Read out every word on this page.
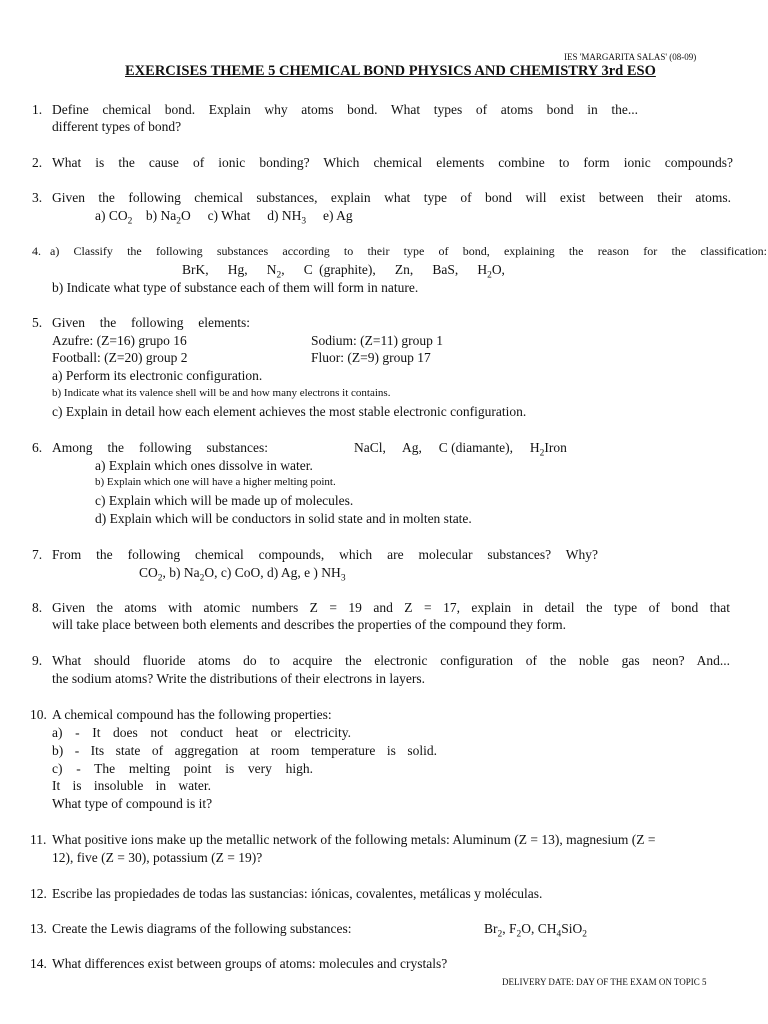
IES 'MARGARITA SALAS' (08-09)
EXERCISES THEME 5 CHEMICAL BOND PHYSICS AND CHEMISTRY 3rd ESO
1. Define chemical bond. Explain why atoms bond. What types of atoms bond in the...
different types of bond?
2. What is the cause of ionic bonding? Which chemical elements combine to form ionic compounds?
3. Given the following chemical substances, explain what type of bond will exist between their atoms.
a) $CO_2$ b) $Na_2O$ c) What d) $NH_3$ e) Ag
4. a) Classify the following substances according to their type of bond, explaining the reason for the classification:
BrK, Hg, $N_2$, C (graphite), Zn, BaS, $H_2O$,
b) Indicate what type of substance each of them will form in nature.
5. Given the following elements:
Azufre: (Z=16) grupo 16	Sodium: (Z=11) group 1
Football: (Z=20) group 2	Fluor: (Z=9) group 17
a) Perform its electronic configuration.
b) Indicate what its valence shell will be and how many electrons it contains.
c) Explain in detail how each element achieves the most stable electronic configuration.
6. Among the following substances:	NaCl, Ag, C (diamante), $H_2Iron$
a) Explain which ones dissolve in water.
b) Explain which one will have a higher melting point.
c) Explain which will be made up of molecules.
d) Explain which will be conductors in solid state and in molten state.
7. From the following chemical compounds, which are molecular substances? Why?
$CO_2$, b) $Na_2O$, c) CoO, d) Ag, e ) $NH_3$
8. Given the atoms with atomic numbers Z = 19 and Z = 17, explain in detail the type of bond that
will take place between both elements and describes the properties of the compound they form.
9. What should fluoride atoms do to acquire the electronic configuration of the noble gas neon? And...
the sodium atoms? Write the distributions of their electrons in layers.
10. A chemical compound has the following properties:
a) - It does not conduct heat or electricity.
b) - Its state of aggregation at room temperature is solid.
c) - The melting point is very high.
It is insoluble in water.
What type of compound is it?
11. What positive ions make up the metallic network of the following metals: Aluminum (Z = 13), magnesium (Z =
12), five (Z = 30), potassium (Z = 19)?
12. Escribe las propiedades de todas las sustancias: iónicas, covalentes, metálicas y moléculas.
13. Create the Lewis diagrams of the following substances:	$Br_2$, $F_2O$, $CH_4SiO_2$
14. What differences exist between groups of atoms: molecules and crystals?
DELIVERY DATE: DAY OF THE EXAM ON TOPIC 5
